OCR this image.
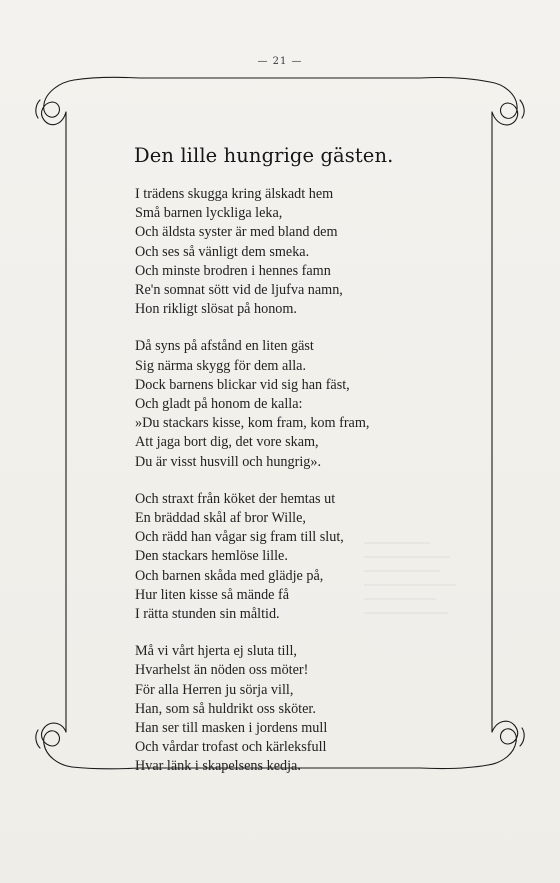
— 21 —
Den lille hungrige gästen.
I trädens skugga kring älskadt hem
Små barnen lyckliga leka,
Och äldsta syster är med bland dem
Och ses så vänligt dem smeka.
Och minste brodren i hennes famn
Re'n somnat sött vid de ljufva namn,
Hon rikligt slösat på honom.
Då syns på afstånd en liten gäst
Sig närma skygg för dem alla.
Dock barnens blickar vid sig han fäst,
Och gladt på honom de kalla:
»Du stackars kisse, kom fram, kom fram,
Att jaga bort dig, det vore skam,
Du är visst husvill och hungrig».
Och straxt från köket der hemtas ut
En bräddad skål af bror Wille,
Och rädd han vågar sig fram till slut,
Den stackars hemlöse lille.
Och barnen skåda med glädje på,
Hur liten kisse så mände få
I rätta stunden sin måltid.
Må vi vårt hjerta ej sluta till,
Hvarhelst än nöden oss möter!
För alla Herren ju sörja vill,
Han, som så huldrikt oss sköter.
Han ser till masken i jordens mull
Och vårdar trofast och kärleksfull
Hvar länk i skapelsens kedja.
